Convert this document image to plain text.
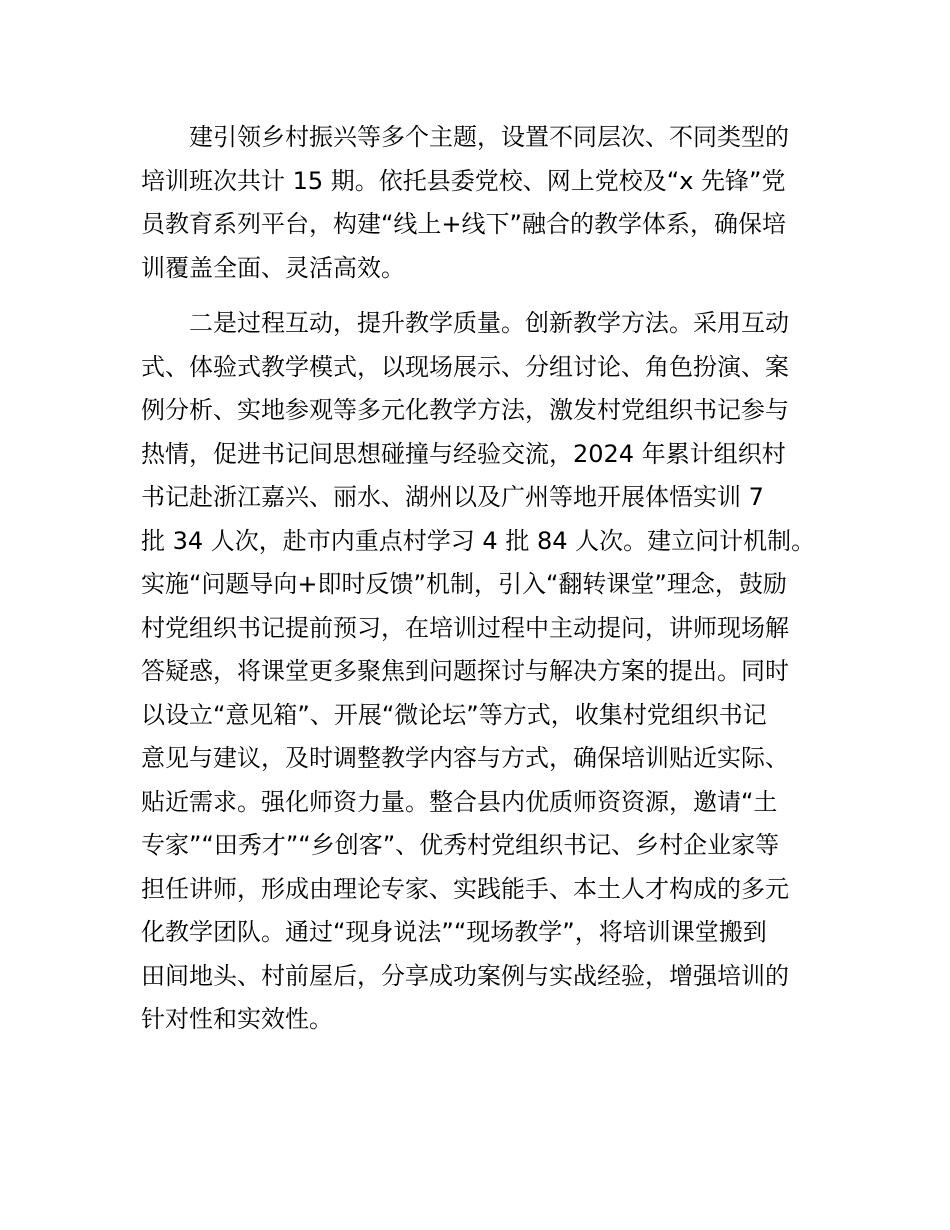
　　建引领乡村振兴等多个主题，设置不同层次、不同类型的
培训班次共计 15 期。依托县委党校、网上党校及“x 先锋”党
员教育系列平台，构建“线上+线下”融合的教学体系，确保培
训覆盖全面、灵活高效。
　　二是过程互动，提升教学质量。创新教学方法。采用互动
式、体验式教学模式，以现场展示、分组讨论、角色扮演、案
例分析、实地参观等多元化教学方法，激发村党组织书记参与
热情，促进书记间思想碰撞与经验交流，2024 年累计组织村
书记赴浙江嘉兴、丽水、湖州以及广州等地开展体悟实训 7
批 34 人次，赴市内重点村学习 4 批 84 人次。建立问计机制。
实施“问题导向+即时反馈”机制，引入“翻转课堂”理念，鼓励
村党组织书记提前预习，在培训过程中主动提问，讲师现场解
答疑惑，将课堂更多聚焦到问题探讨与解决方案的提出。同时
以设立“意见箱”、开展“微论坛”等方式，收集村党组织书记
意见与建议，及时调整教学内容与方式，确保培训贴近实际、
贴近需求。强化师资力量。整合县内优质师资资源，邀请“土
专家”“田秀才”“乡创客”、优秀村党组织书记、乡村企业家等
担任讲师，形成由理论专家、实践能手、本土人才构成的多元
化教学团队。通过“现身说法”“现场教学”，将培训课堂搬到
田间地头、村前屋后，分享成功案例与实战经验，增强培训的
针对性和实效性。
